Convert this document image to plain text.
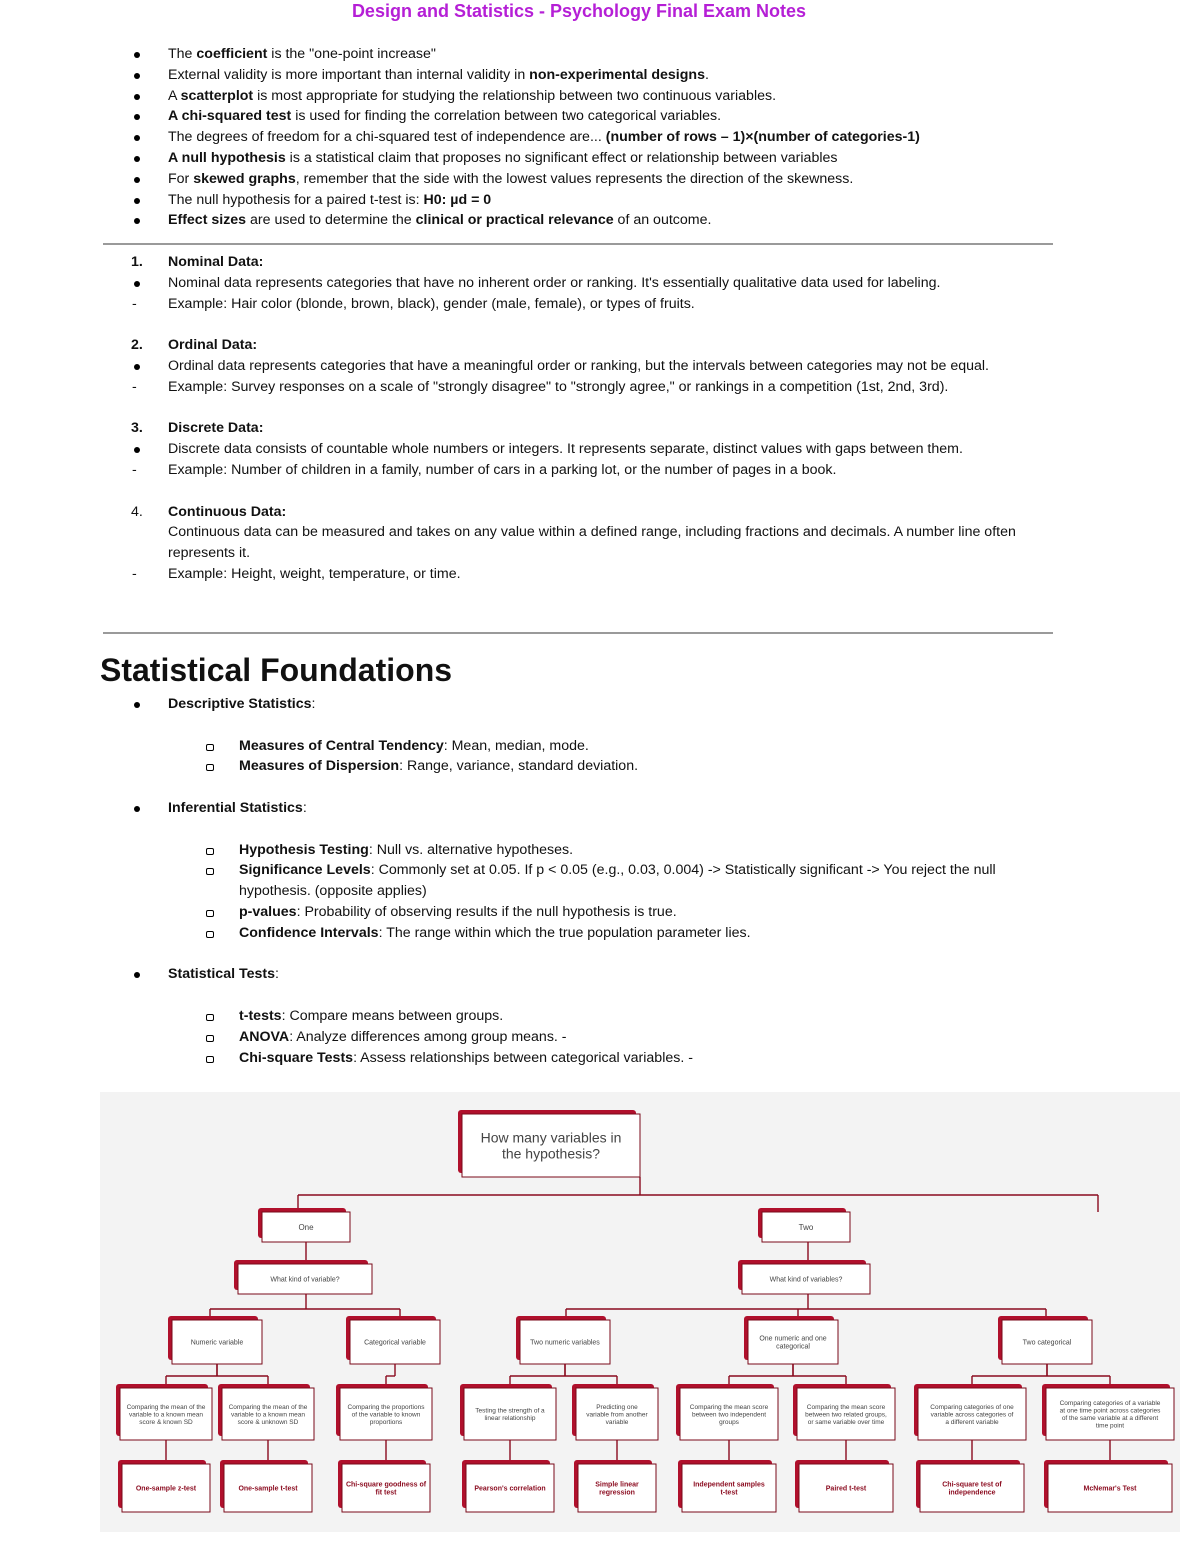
Design and Statistics - Psychology Final Exam Notes
The coefficient is the "one-point increase"
External validity is more important than internal validity in non-experimental designs.
A scatterplot is most appropriate for studying the relationship between two continuous variables.
A chi-squared test is used for finding the correlation between two categorical variables.
The degrees of freedom for a chi-squared test of independence are... (number of rows – 1)×(number of categories-1)
A null hypothesis is a statistical claim that proposes no significant effect or relationship between variables
For skewed graphs, remember that the side with the lowest values represents the direction of the skewness.
The null hypothesis for a paired t-test is: H0: µd = 0
Effect sizes are used to determine the clinical or practical relevance of an outcome.
1.	Nominal Data:
Nominal data represents categories that have no inherent order or ranking. It's essentially qualitative data used for labeling.
-	Example: Hair color (blonde, brown, black), gender (male, female), or types of fruits.
2.	Ordinal Data:
Ordinal data represents categories that have a meaningful order or ranking, but the intervals between categories may not be equal.
-	Example: Survey responses on a scale of "strongly disagree" to "strongly agree," or rankings in a competition (1st, 2nd, 3rd).
3.	Discrete Data:
Discrete data consists of countable whole numbers or integers. It represents separate, distinct values with gaps between them.
-	Example: Number of children in a family, number of cars in a parking lot, or the number of pages in a book.
4.	Continuous Data:
Continuous data can be measured and takes on any value within a defined range, including fractions and decimals. A number line often represents it.
-	Example: Height, weight, temperature, or time.
Statistical Foundations
Descriptive Statistics:
Measures of Central Tendency: Mean, median, mode.
Measures of Dispersion: Range, variance, standard deviation.
Inferential Statistics:
Hypothesis Testing: Null vs. alternative hypotheses.
Significance Levels: Commonly set at 0.05. If p < 0.05 (e.g., 0.03, 0.004) -> Statistically significant -> You reject the null hypothesis. (opposite applies)
p-values: Probability of observing results if the null hypothesis is true.
Confidence Intervals: The range within which the true population parameter lies.
Statistical Tests:
t-tests: Compare means between groups.
ANOVA: Analyze differences among group means. -
Chi-square Tests: Assess relationships between categorical variables. -
How many variables in the hypothesis?
One	Two
What kind of variable?	What kind of variables?
Numeric variable	Categorical variable	Two numeric variables
One numeric and one categorical
Two categorical
Comparing the mean of the variable to a known mean score & known SD
One-sample z-test
Comparing the mean of the variable to a known mean score & unknown SD
One-sample t-test
Comparing the proportions of the variable to known proportions
Chi-square goodness of fit test
Testing the strength of a linear relationship
Pearson's correlation
Predicting one variable from another variable
Simple linear regression
Comparing the mean score between two independent groups
Independent samples t-test
Comparing the mean score between two related groups, or same variable over time
Paired t-test
Comparing categories of one variable across categories of a different variable
Chi-square test of independence
Comparing categories of a variable at one time point across categories of the same variable at a different time point
McNemar's Test
